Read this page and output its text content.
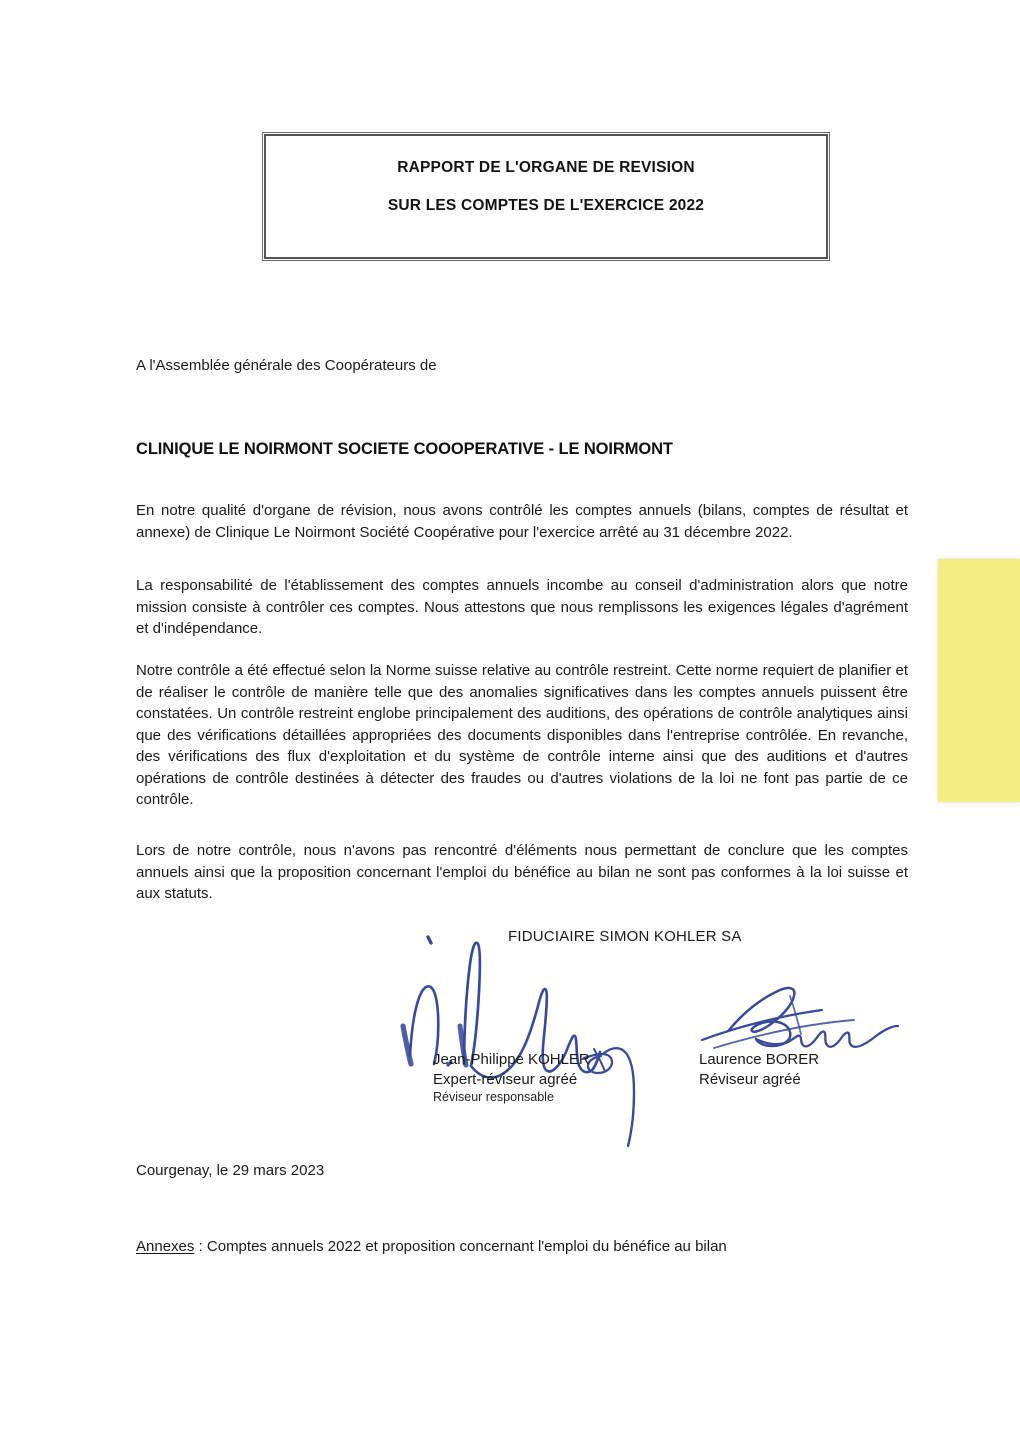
RAPPORT DE L'ORGANE DE REVISION
SUR LES COMPTES DE L'EXERCICE 2022
A l'Assemblée générale des Coopérateurs de
CLINIQUE LE NOIRMONT SOCIETE COOOPERATIVE - LE NOIRMONT
En notre qualité d'organe de révision, nous avons contrôlé les comptes annuels (bilans, comptes de résultat et annexe) de Clinique Le Noirmont Société Coopérative pour l'exercice arrêté au 31 décembre 2022.
La responsabilité de l'établissement des comptes annuels incombe au conseil d'administration alors que notre mission consiste à contrôler ces comptes. Nous attestons que nous remplissons les exigences légales d'agrément et d'indépendance.
Notre contrôle a été effectué selon la Norme suisse relative au contrôle restreint. Cette norme requiert de planifier et de réaliser le contrôle de manière telle que des anomalies significatives dans les comptes annuels puissent être constatées. Un contrôle restreint englobe principalement des auditions, des opérations de contrôle analytiques ainsi que des vérifications détaillées appropriées des documents disponibles dans l'entreprise contrôlée. En revanche, des vérifications des flux d'exploitation et du système de contrôle interne ainsi que des auditions et d'autres opérations de contrôle destinées à détecter des fraudes ou d'autres violations de la loi ne font pas partie de ce contrôle.
Lors de notre contrôle, nous n'avons pas rencontré d'éléments nous permettant de conclure que les comptes annuels ainsi que la proposition concernant l'emploi du bénéfice au bilan ne sont pas conformes à la loi suisse et aux statuts.
FIDUCIAIRE SIMON KOHLER SA
Jean-Philippe KOHLER
Expert-réviseur agréé
Réviseur responsable
Laurence BORER
Réviseur agréé
Courgenay, le 29 mars 2023
Annexes : Comptes annuels 2022 et proposition concernant l'emploi du bénéfice au bilan
